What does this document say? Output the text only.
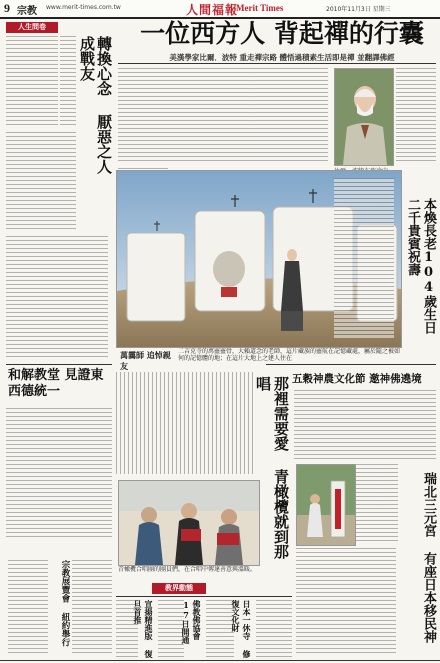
9 宗教 www.merit-times.com.tw	人間福報
Merit Times	2010年11月3日 星期三
人生問卷
轉換心念 厭惡之人成戰友
和解教堂 見證東西德統一
一位西方人 背起禪的行囊
美漢學家比爾．波特 重走禪宗路 體悟過積素生活即是禪 並翻譯佛經
萬靄師 追悼親友
二吉克寺的萬靈靈骨，大賴道念的老師，這片藏族的靈航在記憶藏處，屬於隨之被如何的記憶體的地；在這片大地上之建人住在
本煥長老104歲生日 二千貴賓祝壽
那裡需要愛 青橄欖就到那唱
青橄欖合唱團的團員們，在合唱中傳達善意與溫暖。
五穀神農文化節 邀神佛遶境
瑞北三元宮 有座日本移民神
教界動態
宗教展覽會 紐約舉行	宣揚精進版 復旦首推	佛教佛協會 17日開通	日本一休寺 修復文化財
